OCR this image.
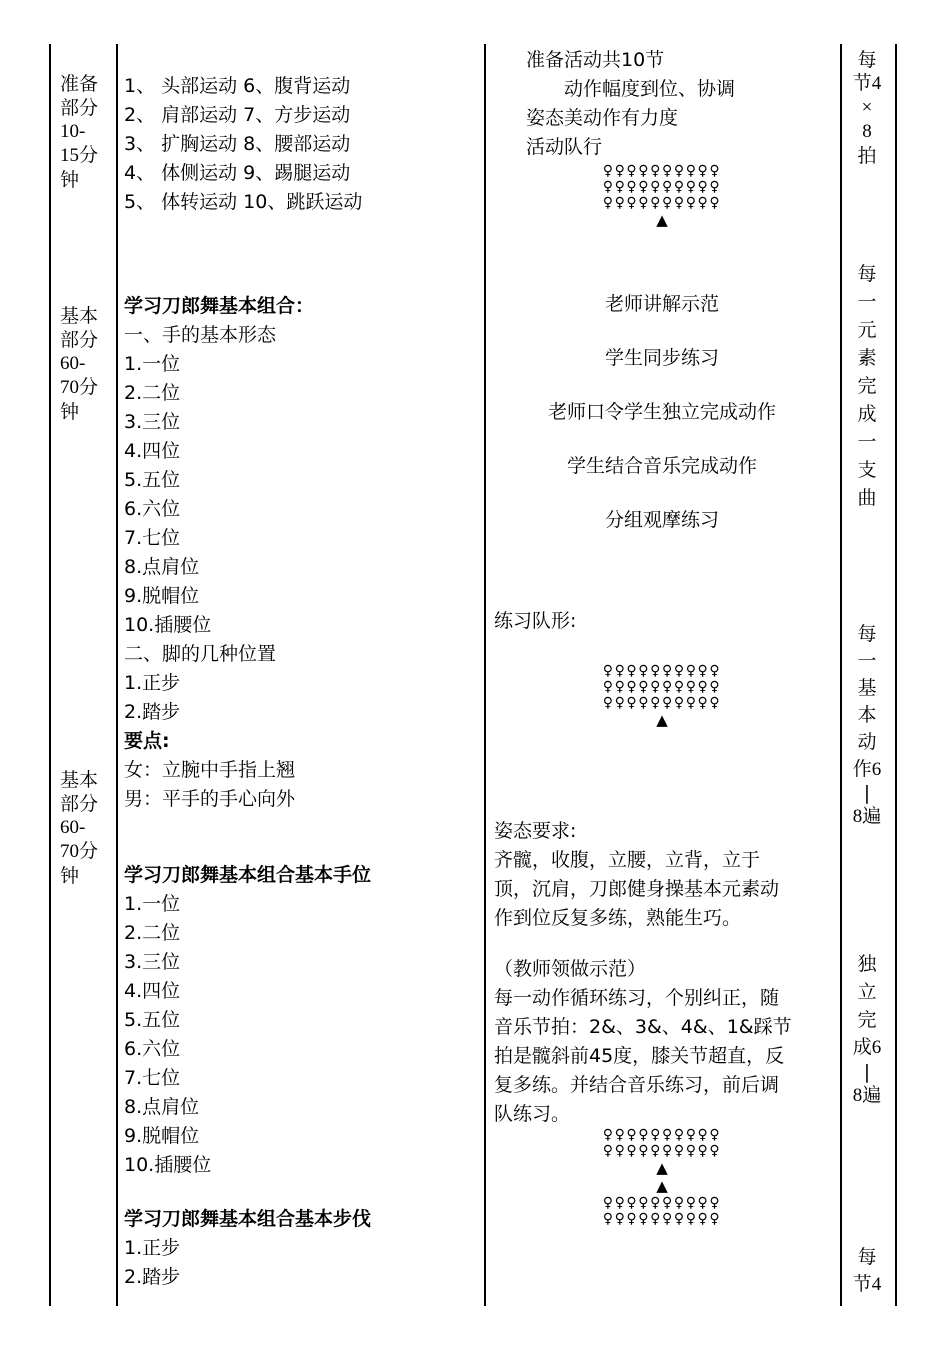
准备
部分
10-
15分
钟
基本
部分
60-
70分
钟
基本
部分
60-
70分
钟
1、 头部运动 6、腹背运动
2、 肩部运动 7、方步运动
3、 扩胸运动 8、腰部运动
4、 体侧运动 9、踢腿运动
5、 体转运动 10、跳跃运动
学习刀郎舞基本组合：
一、手的基本形态
1.一位
2.二位
3.三位
4.四位
5.五位
6.六位
7.七位
8.点肩位
9.脱帽位
10.插腰位
二、脚的几种位置
1.正步
2.踏步
要点:
女：立腕中手指上翘
男：平手的手心向外
学习刀郎舞基本组合基本手位
1.一位
2.二位
3.三位
4.四位
5.五位
6.六位
7.七位
8.点肩位
9.脱帽位
10.插腰位
学习刀郎舞基本组合基本步伐
1.正步
2.踏步
准备活动共10节
动作幅度到位、协调
姿态美动作有力度
活动队行
♀♀♀♀♀♀♀♀♀♀
♀♀♀♀♀♀♀♀♀♀
♀♀♀♀♀♀♀♀♀♀
▲
老师讲解示范
学生同步练习
老师口令学生独立完成动作
学生结合音乐完成动作
分组观摩练习
练习队形:
♀♀♀♀♀♀♀♀♀♀
♀♀♀♀♀♀♀♀♀♀
♀♀♀♀♀♀♀♀♀♀
▲
姿态要求:
齐髋，收腹，立腰，立背，立于
顶，沉肩，刀郎健身操基本元素动
作到位反复多练，熟能生巧。
（教师领做示范）
每一动作循环练习，个别纠正，随
音乐节拍：2&、3&、4&、1&踩节
拍是髋斜前45度，膝关节超直，反
复多练。并结合音乐练习，前后调
队练习。
♀♀♀♀♀♀♀♀♀♀
♀♀♀♀♀♀♀♀♀♀
▲
▲
♀♀♀♀♀♀♀♀♀♀
♀♀♀♀♀♀♀♀♀♀
每
节4
×
8
拍
每
一
元
素
完
成
一
支
曲
每
一
基
本
动
作6
|
8遍
独
立
完
成6
|
8遍
每
节4
